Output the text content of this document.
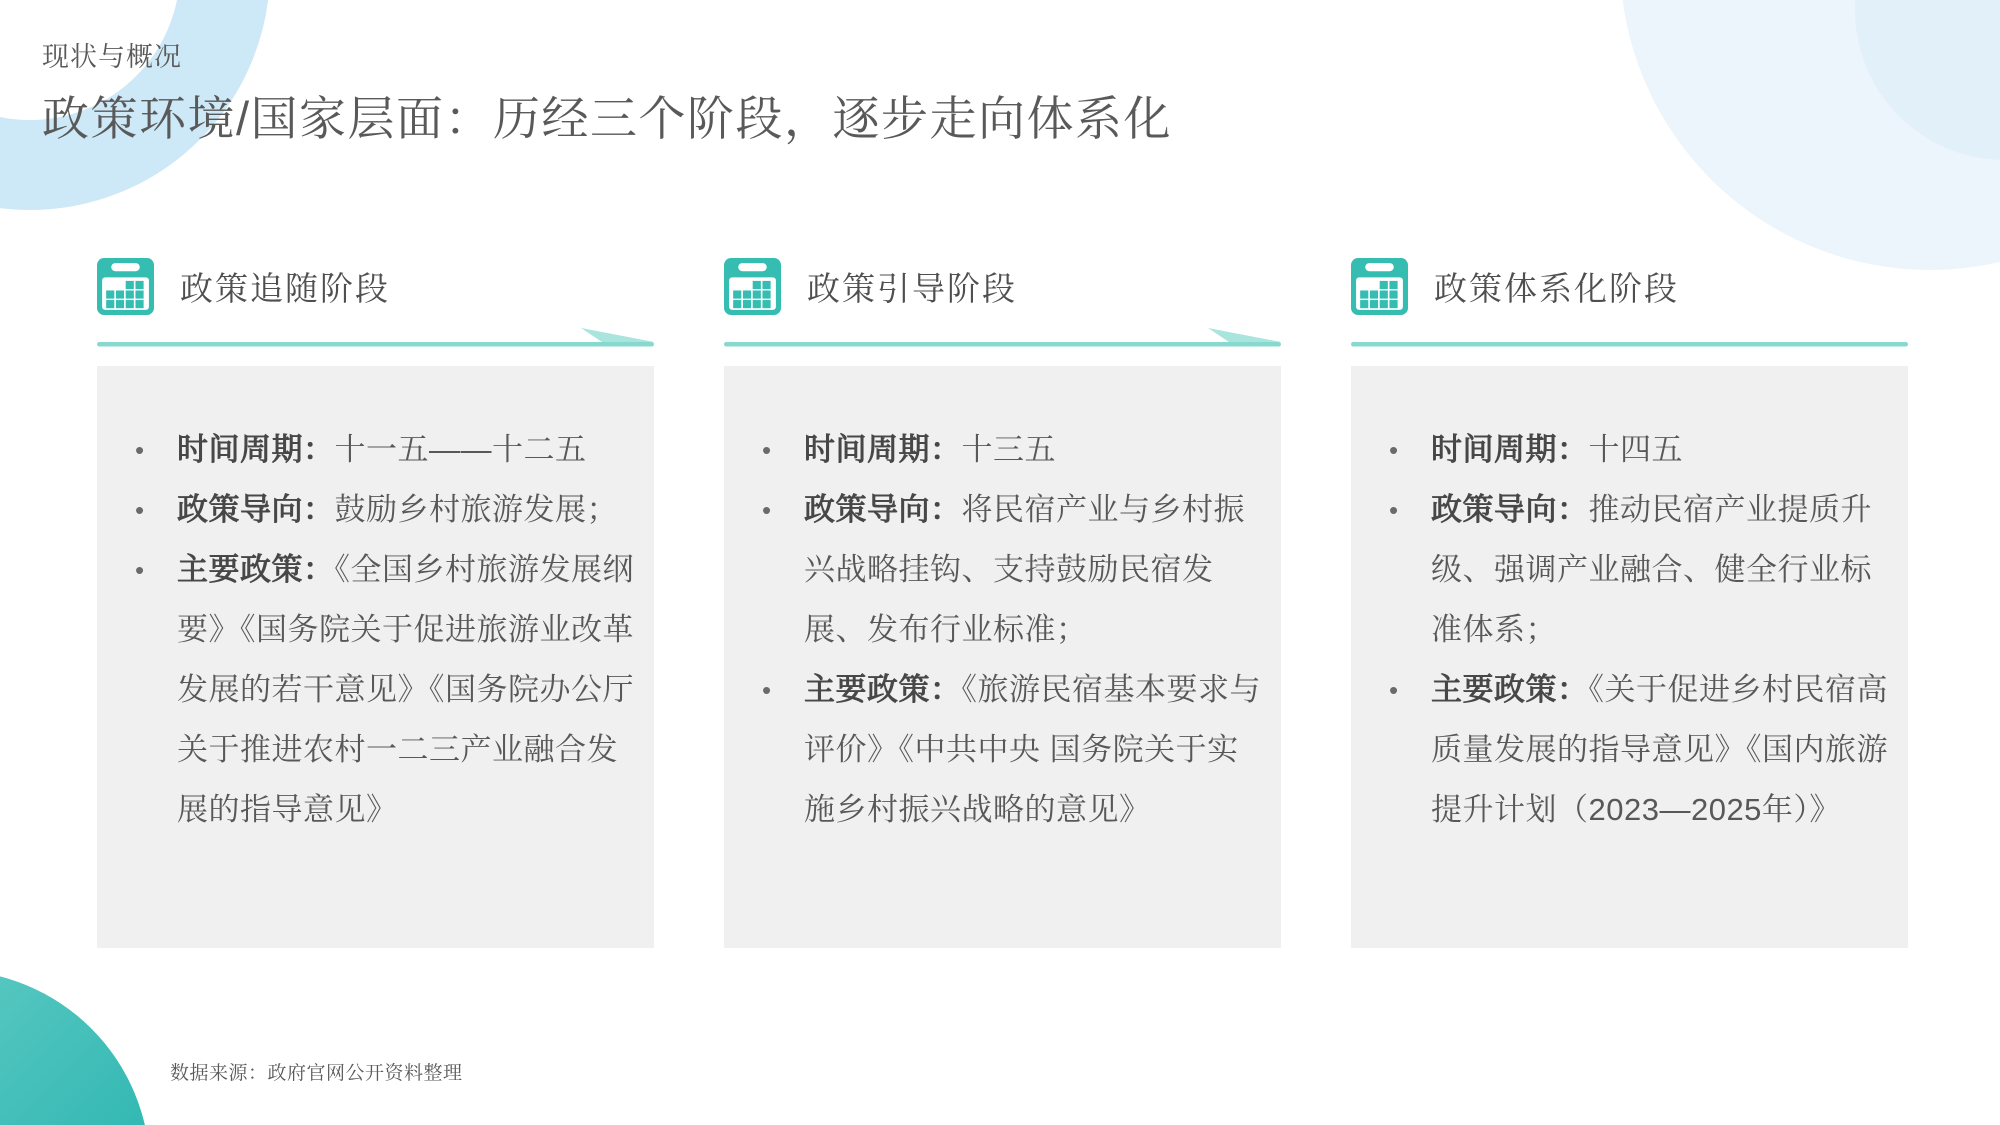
现状与概况
政策环境/国家层面：历经三个阶段，逐步走向体系化
政策追随阶段
• 时间周期：十一五——十二五
• 政策导向：鼓励乡村旅游发展；
• 主要政策：《全国乡村旅游发展纲要》《国务院关于促进旅游业改革发展的若干意见》《国务院办公厅关于推进农村一二三产业融合发展的指导意见》
政策引导阶段
• 时间周期：十三五
• 政策导向：将民宿产业与乡村振兴战略挂钩、支持鼓励民宿发展、发布行业标准；
• 主要政策：《旅游民宿基本要求与评价》《中共中央 国务院关于实施乡村振兴战略的意见》
政策体系化阶段
• 时间周期：十四五
• 政策导向：推动民宿产业提质升级、强调产业融合、健全行业标准体系；
• 主要政策：《关于促进乡村民宿高质量发展的指导意见》《国内旅游提升计划（2023—2025年）》
数据来源：政府官网公开资料整理
